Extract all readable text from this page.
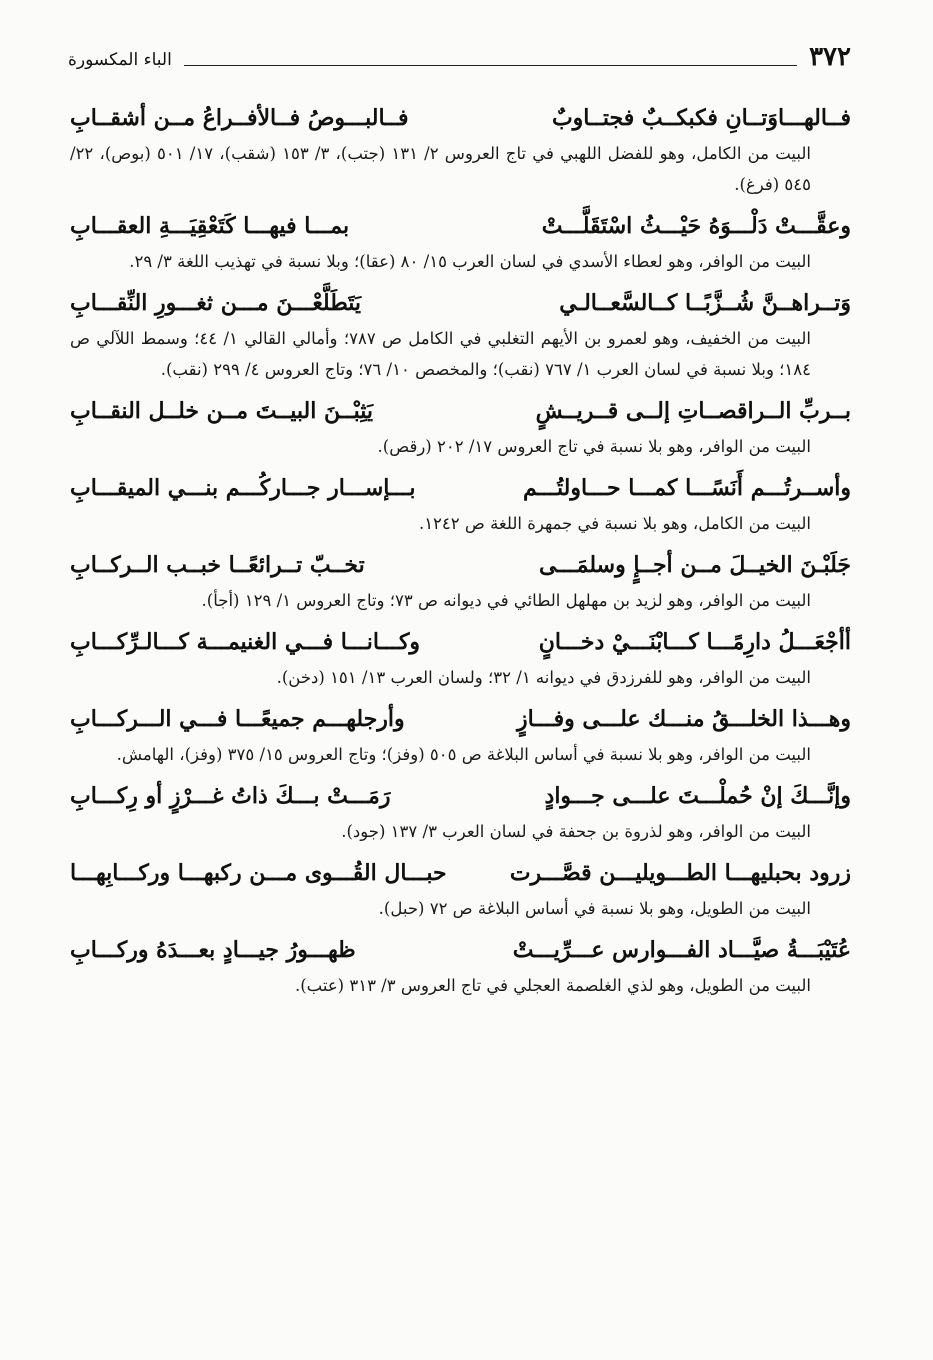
٣٧٢
الباء المكسورة
فــالهـــاوَتــانِ فكبكــبٌ فجتــاوبٌ
فــالبـــوصُ فــالأفــراعُ مــن أشقــابِ
البيت من الكامل، وهو للفضل اللهبي في تاج العروس ٢/ ١٣١ (جتب)، ٣/ ١٥٣ (شقب)، ١٧/ ٥٠١ (بوص)، ٢٢/ ٥٤٥ (فرغ).
وعقَّـــتْ دَلْـــوَهُ حَيْـــثُ اسْتَقَلَّـــتْ
بمـــا فيهـــا كَتَعْقِيَـــةِ العقـــابِ
البيت من الوافر، وهو لعطاء الأسدي في لسان العرب ١٥/ ٨٠ (عقا)؛ وبلا نسبة في تهذيب اللغة ٣/ ٢٩.
وَتــراهــنَّ شُــزَّبًــا كــالسَّعــالـي
يَتَطَلَّعْـــنَ مـــن ثغـــورِ النِّقـــابِ
البيت من الخفيف، وهو لعمرو بن الأيهم التغلبي في الكامل ص ٧٨٧؛ وأمالي القالي ١/ ٤٤؛ وسمط اللآلي ص ١٨٤؛ وبلا نسبة في لسان العرب ١/ ٧٦٧ (نقب)؛ والمخصص ١٠/ ٧٦؛ وتاج العروس ٤/ ٢٩٩ (نقب).
بــربِّ الــراقصــاتِ إلــى قــريــشٍ
يَثِبْــنَ البيــتَ مــن خلــل النقــابِ
البيت من الوافر، وهو بلا نسبة في تاج العروس ١٧/ ٢٠٢ (رقص).
وأســرتُـــم أَنَسًـــا كمـــا حـــاولتُـــم
بـــإســـار جـــاركُـــم بنـــي الميقـــابِ
البيت من الكامل، وهو بلا نسبة في جمهرة اللغة ص ١٢٤٢.
جَلَبْـنَ الخيــلَ مــن أجــإٍ وسلمَـــى
تخــبّ تــرائعًــا خبــب الــركــابِ
البيت من الوافر، وهو لزيد بن مهلهل الطائي في ديوانه ص ٧٣؛ وتاج العروس ١/ ١٢٩ (أجأ).
أأجْعَـــلُ دارِمًـــا كـــابْنَـــيْ دخـــانٍ
وكـــانـــا فـــي الغنيمـــة كـــالـرِّكـــابِ
البيت من الوافر، وهو للفرزدق في ديوانه ١/ ٣٢؛ ولسان العرب ١٣/ ١٥١ (دخن).
وهـــذا الخلـــقُ منـــك علـــى وفـــازٍ
وأرجلهـــم جميعًـــا فـــي الـــركـــابِ
البيت من الوافر، وهو بلا نسبة في أساس البلاغة ص ٥٠٥ (وفز)؛ وتاج العروس ١٥/ ٣٧٥ (وفز)، الهامش.
وإنَّـــكَ إنْ حُملْـــتَ علـــى جـــوادٍ
رَمَـــتْ بـــكَ ذاتُ غـــرْزٍ أو رِكـــابِ
البيت من الوافر، وهو لذروة بن جحفة في لسان العرب ٣/ ١٣٧ (جود).
زرود بحبليهـــا الطـــويليـــن قصَّـــرت
حبـــال القُـــوى مـــن ركبهـــا وركـــابِهـــا
البيت من الطويل، وهو بلا نسبة في أساس البلاغة ص ٧٢ (حبل).
عُتَيْبَـــةُ صيَّـــاد الفـــوارس عـــرِّيـــتْ
ظهـــورُ جيـــادٍ بعـــدَهُ وركـــابِ
البيت من الطويل، وهو لذي الغلصمة العجلي في تاج العروس ٣/ ٣١٣ (عتب).
